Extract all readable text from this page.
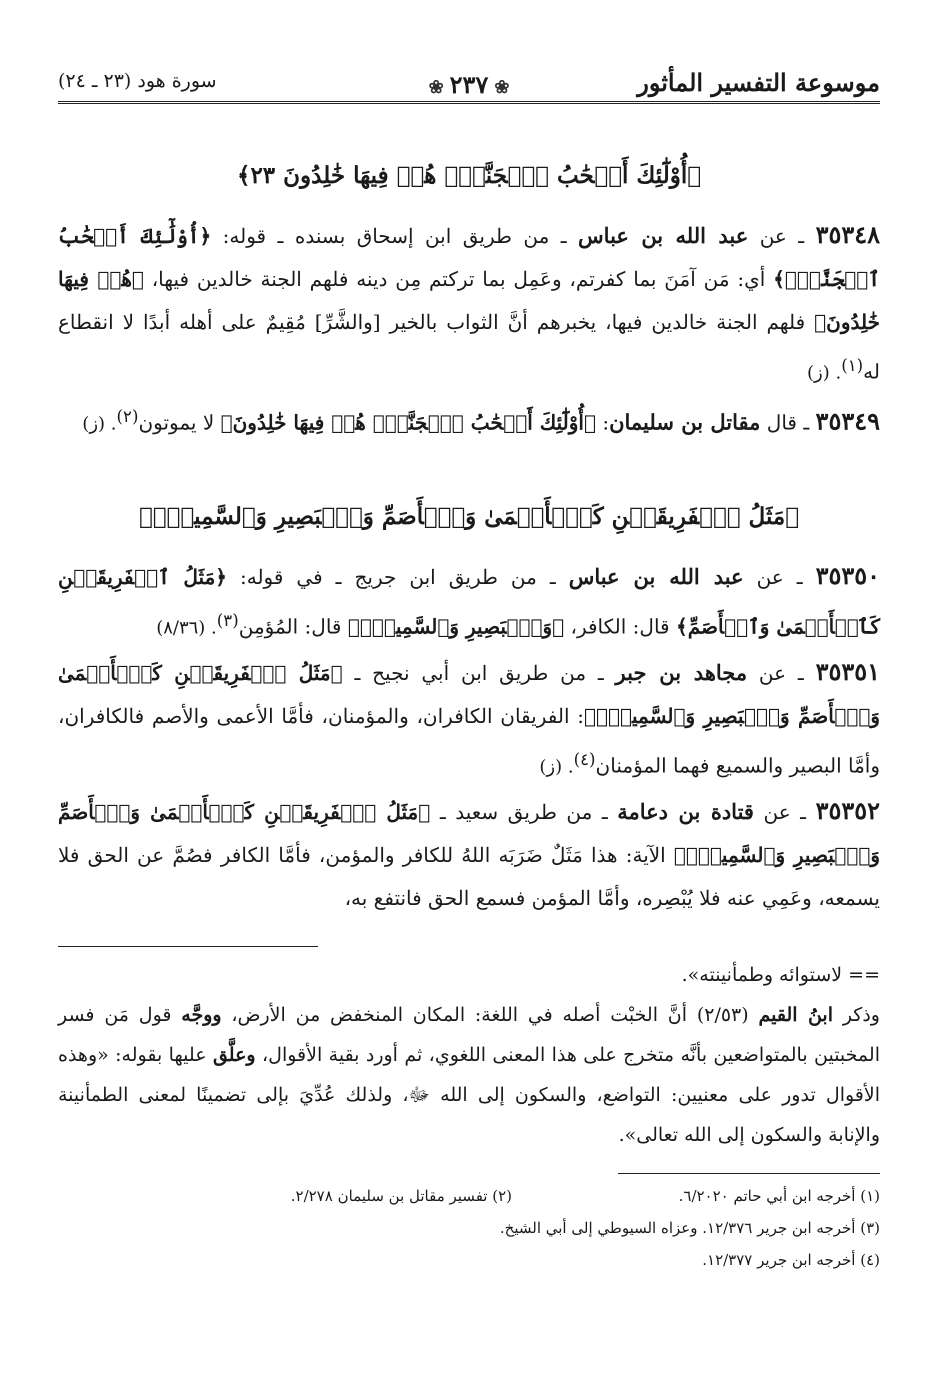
موسوعة التفسير المأثور
❀٢٣٧❀
سورة هود (٢٣ ـ ٢٤)
﴿أُوْلَٰٓئِكَ أَصۡحَٰبُ ٱلۡجَنَّةِۖ هُمۡ فِيهَا خَٰلِدُونَ ٢٣﴾

٣٥٣٤٨ ـ عن عبد الله بن عباس ـ من طريق ابن إسحاق بسنده ـ قوله: ﴿أُوْلَٰٓئِكَ أَصۡحَٰبُ ٱلۡجَنَّةِۖ﴾ أي: مَن آمَنَ بما كفرتم، وعَمِل بما تركتم مِن دينه فلهم الجنة خالدين فيها، ﴿هُمۡ فِيهَا خَٰلِدُونَ﴾ فلهم الجنة خالدين فيها، يخبرهم أنَّ الثواب بالخير [والشَّرِّ] مُقِيمٌ على أهله أبدًا لا انقطاع له$^{(١)}$. (ز)

٣٥٣٤٩ ـ قال مقاتل بن سليمان: ﴿أُوْلَٰٓئِكَ أَصۡحَٰبُ ٱلۡجَنَّةِۖ هُمۡ فِيهَا خَٰلِدُونَ﴾ لا يموتون$^{(٢)}$. (ز)

﴿مَثَلُ ٱلۡفَرِيقَيۡنِ كَٱلۡأَعۡمَىٰ وَٱلۡأَصَمِّ وَٱلۡبَصِيرِ وَٱلسَّمِيعِۚ﴾

٣٥٣٥٠ ـ عن عبد الله بن عباس ـ من طريق ابن جريج ـ في قوله: ﴿مَثَلُ ٱلۡفَرِيقَيۡنِ كَٱلۡأَعۡمَىٰ وَٱلۡأَصَمِّ﴾ قال: الكافر، ﴿وَٱلۡبَصِيرِ وَٱلسَّمِيعِۚ﴾ قال: المُؤمِن$^{(٣)}$. (٨/٣٦)

٣٥٣٥١ ـ عن مجاهد بن جبر ـ من طريق ابن أبي نجيح ـ ﴿مَثَلُ ٱلۡفَرِيقَيۡنِ كَٱلۡأَعۡمَىٰ وَٱلۡأَصَمِّ وَٱلۡبَصِيرِ وَٱلسَّمِيعِۚ﴾: الفريقان الكافران، والمؤمنان، فأمَّا الأعمى والأصم فالكافران، وأمَّا البصير والسميع فهما المؤمنان$^{(٤)}$. (ز)

٣٥٣٥٢ ـ عن قتادة بن دعامة ـ من طريق سعيد ـ ﴿مَثَلُ ٱلۡفَرِيقَيۡنِ كَٱلۡأَعۡمَىٰ وَٱلۡأَصَمِّ وَٱلۡبَصِيرِ وَٱلسَّمِيعِۚ﴾ الآية: هذا مَثَلٌ ضَرَبَه اللهُ للكافر والمؤمن، فأمَّا الكافر فصُمَّ عن الحق فلا يسمعه، وعَمِي عنه فلا يُبْصِره، وأمَّا المؤمن فسمع الحق فانتفع به،

== لاستوائه وطمأنينته».

وذكر ابنُ القيم (٢/٥٣) أنَّ الخبْت أصله في اللغة: المكان المنخفض من الأرض، ووجَّه قول مَن فسر المخبتين بالمتواضعين بأنَّه متخرج على هذا المعنى اللغوي، ثم أورد بقية الأقوال، وعلَّق عليها بقوله: «وهذه الأقوال تدور على معنيين: التواضع، والسكون إلى الله ﷻ، ولذلك عُدِّيَ بإلى تضمينًا لمعنى الطمأنينة والإنابة والسكون إلى الله تعالى».

(١) أخرجه ابن أبي حاتم ٦/٢٠٢٠.(٢) تفسير مقاتل بن سليمان ٢/٢٧٨.

(٣) أخرجه ابن جرير ١٢/٣٧٦. وعزاه السيوطي إلى أبي الشيخ.

(٤) أخرجه ابن جرير ١٢/٣٧٧.
